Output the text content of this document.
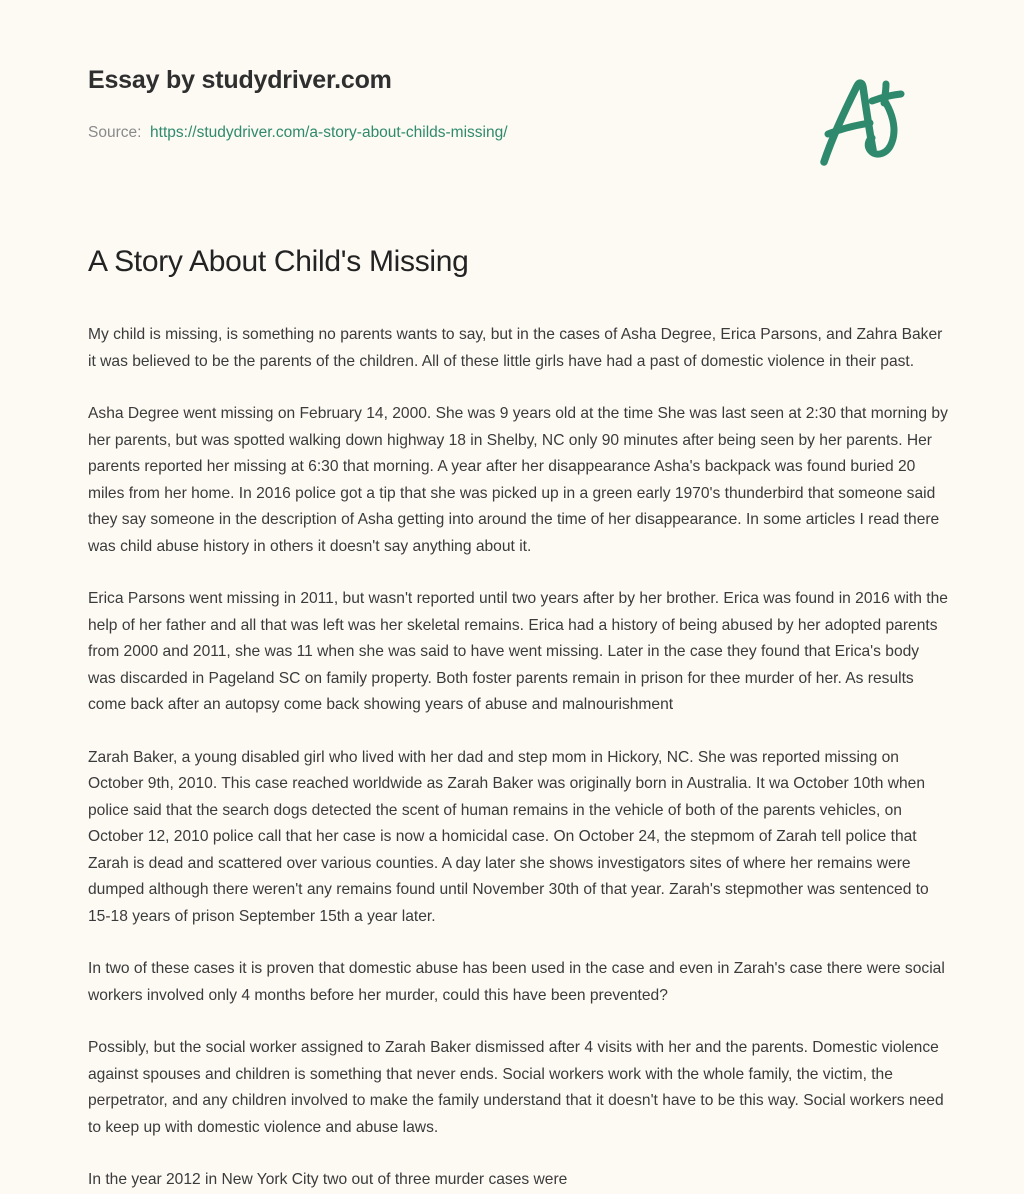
Essay by studydriver.com
Source: https://studydriver.com/a-story-about-childs-missing/
A Story About Child's Missing

My child is missing, is something no parents wants to say, but in the cases of Asha Degree, Erica Parsons, and Zahra Baker it was believed to be the parents of the children. All of these little girls have had a past of domestic violence in their past.

Asha Degree went missing on February 14, 2000. She was 9 years old at the time She was last seen at 2:30 that morning by her parents, but was spotted walking down highway 18 in Shelby, NC only 90 minutes after being seen by her parents. Her parents reported her missing at 6:30 that morning. A year after her disappearance Asha's backpack was found buried 20 miles from her home. In 2016 police got a tip that she was picked up in a green early 1970's thunderbird that someone said they say someone in the description of Asha getting into around the time of her disappearance. In some articles I read there was child abuse history in others it doesn't say anything about it.

Erica Parsons went missing in 2011, but wasn't reported until two years after by her brother. Erica was found in 2016 with the help of her father and all that was left was her skeletal remains. Erica had a history of being abused by her adopted parents from 2000 and 2011, she was 11 when she was said to have went missing. Later in the case they found that Erica's body was discarded in Pageland SC on family property. Both foster parents remain in prison for thee murder of her. As results come back after an autopsy come back showing years of abuse and malnourishment

Zarah Baker, a young disabled girl who lived with her dad and step mom in Hickory, NC. She was reported missing on October 9th, 2010. This case reached worldwide as Zarah Baker was originally born in Australia. It wa October 10th when police said that the search dogs detected the scent of human remains in the vehicle of both of the parents vehicles, on October 12, 2010 police call that her case is now a homicidal case. On October 24, the stepmom of Zarah tell police that Zarah is dead and scattered over various counties. A day later she shows investigators sites of where her remains were dumped although there weren't any remains found until November 30th of that year. Zarah's stepmother was sentenced to 15-18 years of prison September 15th a year later.

In two of these cases it is proven that domestic abuse has been used in the case and even in Zarah's case there were social workers involved only 4 months before her murder, could this have been prevented?

Possibly, but the social worker assigned to Zarah Baker dismissed after 4 visits with her and the parents. Domestic violence against spouses and children is something that never ends. Social workers work with the whole family, the victim, the perpetrator, and any children involved to make the family understand that it doesn't have to be this way. Social workers need to keep up with domestic violence and abuse laws.

In the year 2012 in New York City two out of three murder cases were
